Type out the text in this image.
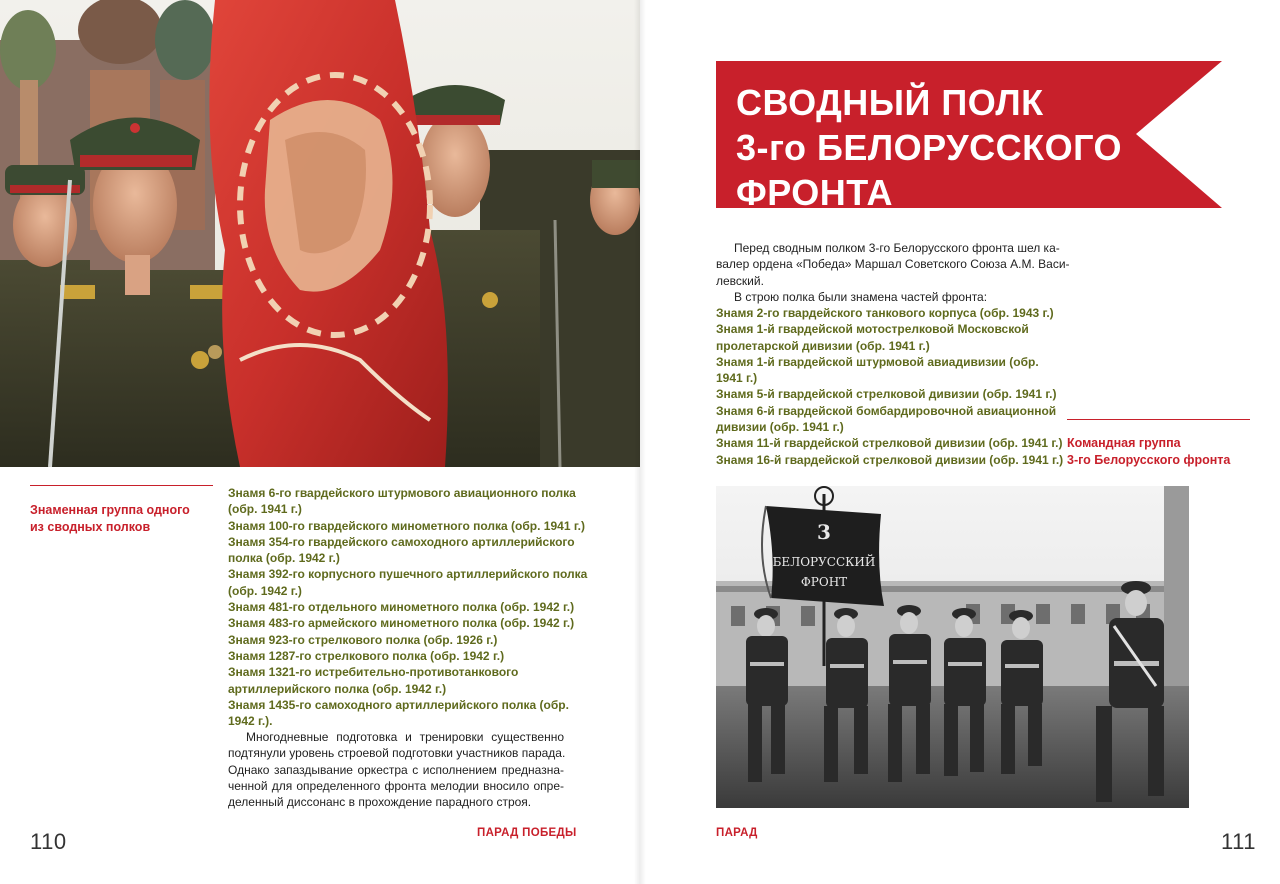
Знаменная группа одного
из сводных полков
Знамя 6-го гвардейского штурмового авиационного полка
(обр. 1941 г.)
Знамя 100-го гвардейского минометного полка (обр. 1941 г.)
Знамя 354-го гвардейского самоходного артиллерийского
полка (обр. 1942 г.)
Знамя 392-го корпусного пушечного артиллерийского полка
(обр. 1942 г.)
Знамя 481-го отдельного минометного полка (обр. 1942 г.)
Знамя 483-го армейского минометного полка (обр. 1942 г.)
Знамя 923-го стрелкового полка (обр. 1926 г.)
Знамя 1287-го стрелкового полка (обр. 1942 г.)
Знамя 1321-го истребительно-противотанкового
артиллерийского полка (обр. 1942 г.)
Знамя 1435-го самоходного артиллерийского полка (обр.
1942 г.).
Многодневные подготовка и тренировки существенно
подтянули уровень строевой подготовки участников парада.
Однако запаздывание оркестра с исполнением предназна-
ченной для определенного фронта мелодии вносило опре-
деленный диссонанс в прохождение парадного строя.
110	ПАРАД ПОБЕДЫ
СВОДНЫЙ ПОЛК
3-го БЕЛОРУССКОГО
ФРОНТА
Перед сводным полком 3-го Белорусского фронта шел ка-
валер ордена «Победа» Маршал Советского Союза А.М. Васи-
левский.
В строю полка были знамена частей фронта:
Знамя 2-го гвардейского танкового корпуса (обр. 1943 г.)
Знамя 1-й гвардейской мотострелковой Московской
пролетарской дивизии (обр. 1941 г.)
Знамя 1-й гвардейской штурмовой авиадивизии (обр.
1941 г.)
Знамя 5-й гвардейской стрелковой дивизии (обр. 1941 г.)
Знамя 6-й гвардейской бомбардировочной авиационной
дивизии (обр. 1941 г.)
Знамя 11-й гвардейской стрелковой дивизии (обр. 1941 г.)
Знамя 16-й гвардейской стрелковой дивизии (обр. 1941 г.)
Командная группа
3-го Белорусского фронта
3
БЕЛОРУССКИЙ
ФРОНТ
ПАРАД	111
